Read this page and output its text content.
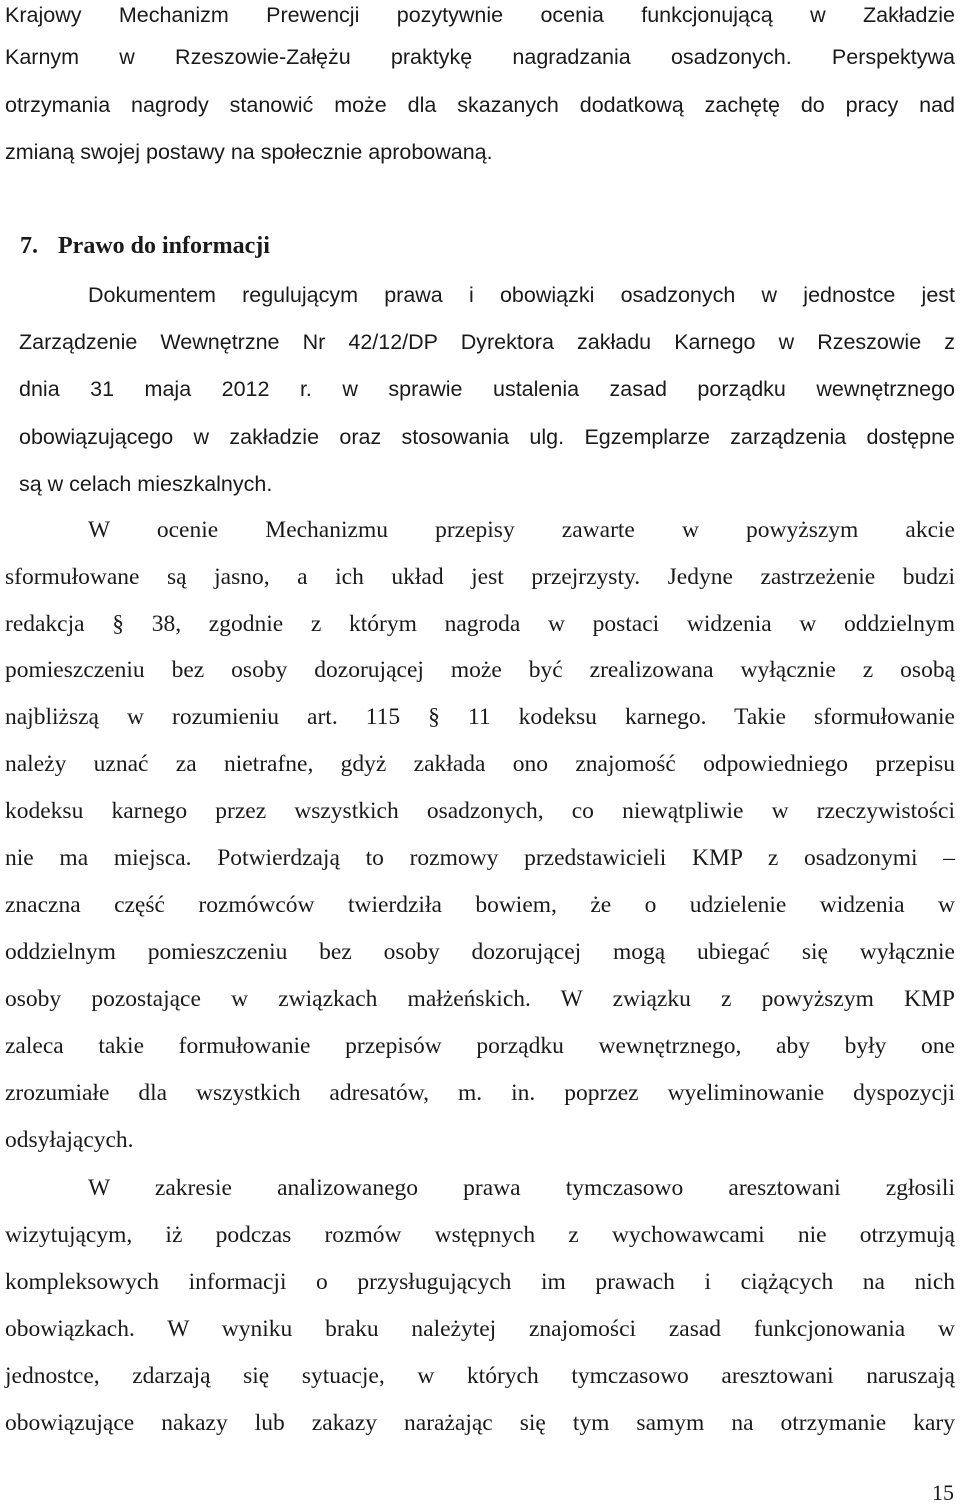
Krajowy Mechanizm Prewencji pozytywnie ocenia funkcjonującą w Zakładzie
Karnym w Rzeszowie-Załężu praktykę nagradzania osadzonych. Perspektywa
otrzymania nagrody stanowić może dla skazanych dodatkową zachętę do pracy nad
zmianą swojej postawy na społecznie aprobowaną.
7. Prawo do informacji
Dokumentem regulującym prawa i obowiązki osadzonych w jednostce jest
Zarządzenie Wewnętrzne Nr 42/12/DP Dyrektora zakładu Karnego w Rzeszowie z
dnia 31 maja 2012 r. w sprawie ustalenia zasad porządku wewnętrznego
obowiązującego w zakładzie oraz stosowania ulg. Egzemplarze zarządzenia dostępne
są w celach mieszkalnych.
W ocenie Mechanizmu przepisy zawarte w powyższym akcie
sformułowane są jasno, a ich układ jest przejrzysty. Jedyne zastrzeżenie budzi
redakcja § 38, zgodnie z którym nagroda w postaci widzenia w oddzielnym
pomieszczeniu bez osoby dozorującej może być zrealizowana wyłącznie z osobą
najbliższą w rozumieniu art. 115 § 11 kodeksu karnego. Takie sformułowanie
należy uznać za nietrafne, gdyż zakłada ono znajomość odpowiedniego przepisu
kodeksu karnego przez wszystkich osadzonych, co niewątpliwie w rzeczywistości
nie ma miejsca. Potwierdzają to rozmowy przedstawicieli KMP z osadzonymi –
znaczna część rozmówców twierdziła bowiem, że o udzielenie widzenia w
oddzielnym pomieszczeniu bez osoby dozorującej mogą ubiegać się wyłącznie
osoby pozostające w związkach małżeńskich. W związku z powyższym KMP
zaleca takie formułowanie przepisów porządku wewnętrznego, aby były one
zrozumiałe dla wszystkich adresatów, m. in. poprzez wyeliminowanie dyspozycji
odsyłających.
W zakresie analizowanego prawa tymczasowo aresztowani zgłosili
wizytującym, iż podczas rozmów wstępnych z wychowawcami nie otrzymują
kompleksowych informacji o przysługujących im prawach i ciążących na nich
obowiązkach. W wyniku braku należytej znajomości zasad funkcjonowania w
jednostce, zdarzają się sytuacje, w których tymczasowo aresztowani naruszają
obowiązujące nakazy lub zakazy narażając się tym samym na otrzymanie kary
15
